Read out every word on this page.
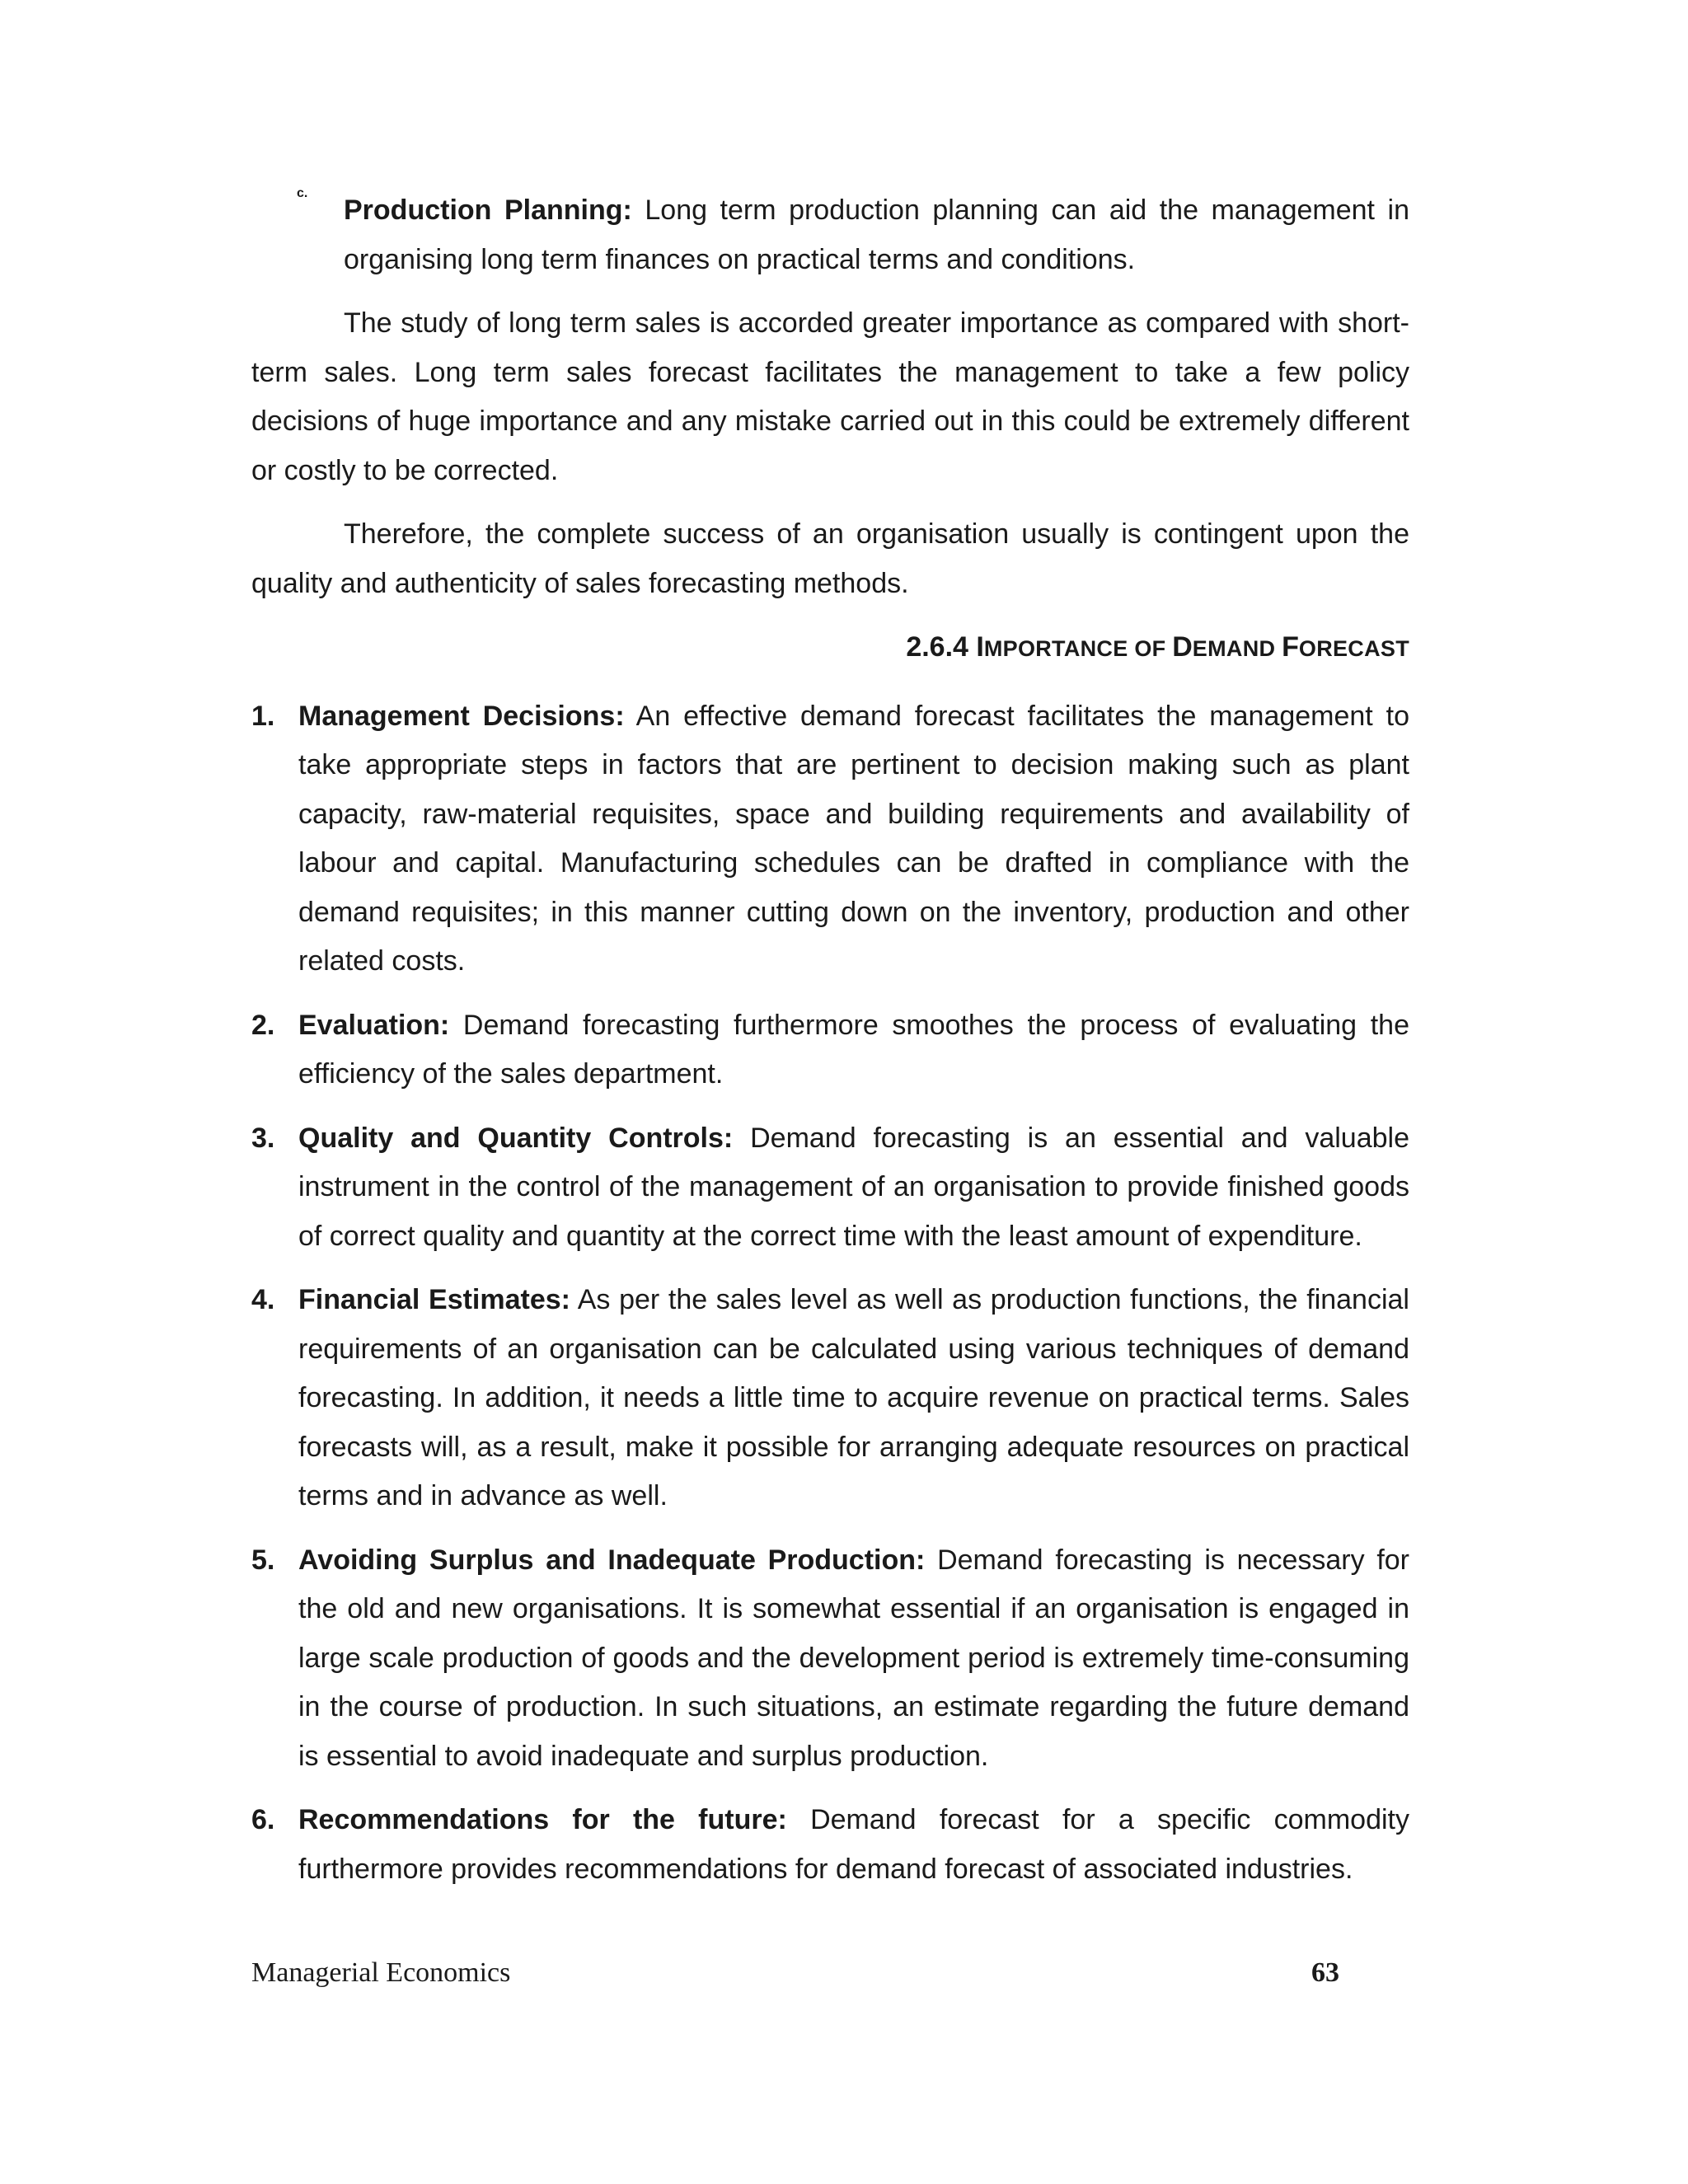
c.

Production Planning: Long term production planning can aid the management in organising long term finances on practical terms and conditions.

The study of long term sales is accorded greater importance as compared with short-term sales. Long term sales forecast facilitates the management to take a few policy decisions of huge importance and any mistake carried out in this could be extremely different or costly to be corrected.

Therefore, the complete success of an organisation usually is contingent upon the quality and authenticity of sales forecasting methods.

2.6.4 IMPORTANCE OF DEMAND FORECAST
1. Management Decisions: An effective demand forecast facilitates the management to take appropriate steps in factors that are pertinent to decision making such as plant capacity, raw-material requisites, space and building requirements and availability of labour and capital. Manufacturing schedules can be drafted in compliance with the demand requisites; in this manner cutting down on the inventory, production and other related costs.
2. Evaluation: Demand forecasting furthermore smoothes the process of evaluating the efficiency of the sales department.
3. Quality and Quantity Controls: Demand forecasting is an essential and valuable instrument in the control of the management of an organisation to provide finished goods of correct quality and quantity at the correct time with the least amount of expenditure.
4. Financial Estimates: As per the sales level as well as production functions, the financial requirements of an organisation can be calculated using various techniques of demand forecasting. In addition, it needs a little time to acquire revenue on practical terms. Sales forecasts will, as a result, make it possible for arranging adequate resources on practical terms and in advance as well.
5. Avoiding Surplus and Inadequate Production: Demand forecasting is necessary for the old and new organisations. It is somewhat essential if an organisation is engaged in large scale production of goods and the development period is extremely time-consuming in the course of production. In such situations, an estimate regarding the future demand is essential to avoid inadequate and surplus production.
6. Recommendations for the future: Demand forecast for a specific commodity furthermore provides recommendations for demand forecast of associated industries.
Managerial Economics	63
